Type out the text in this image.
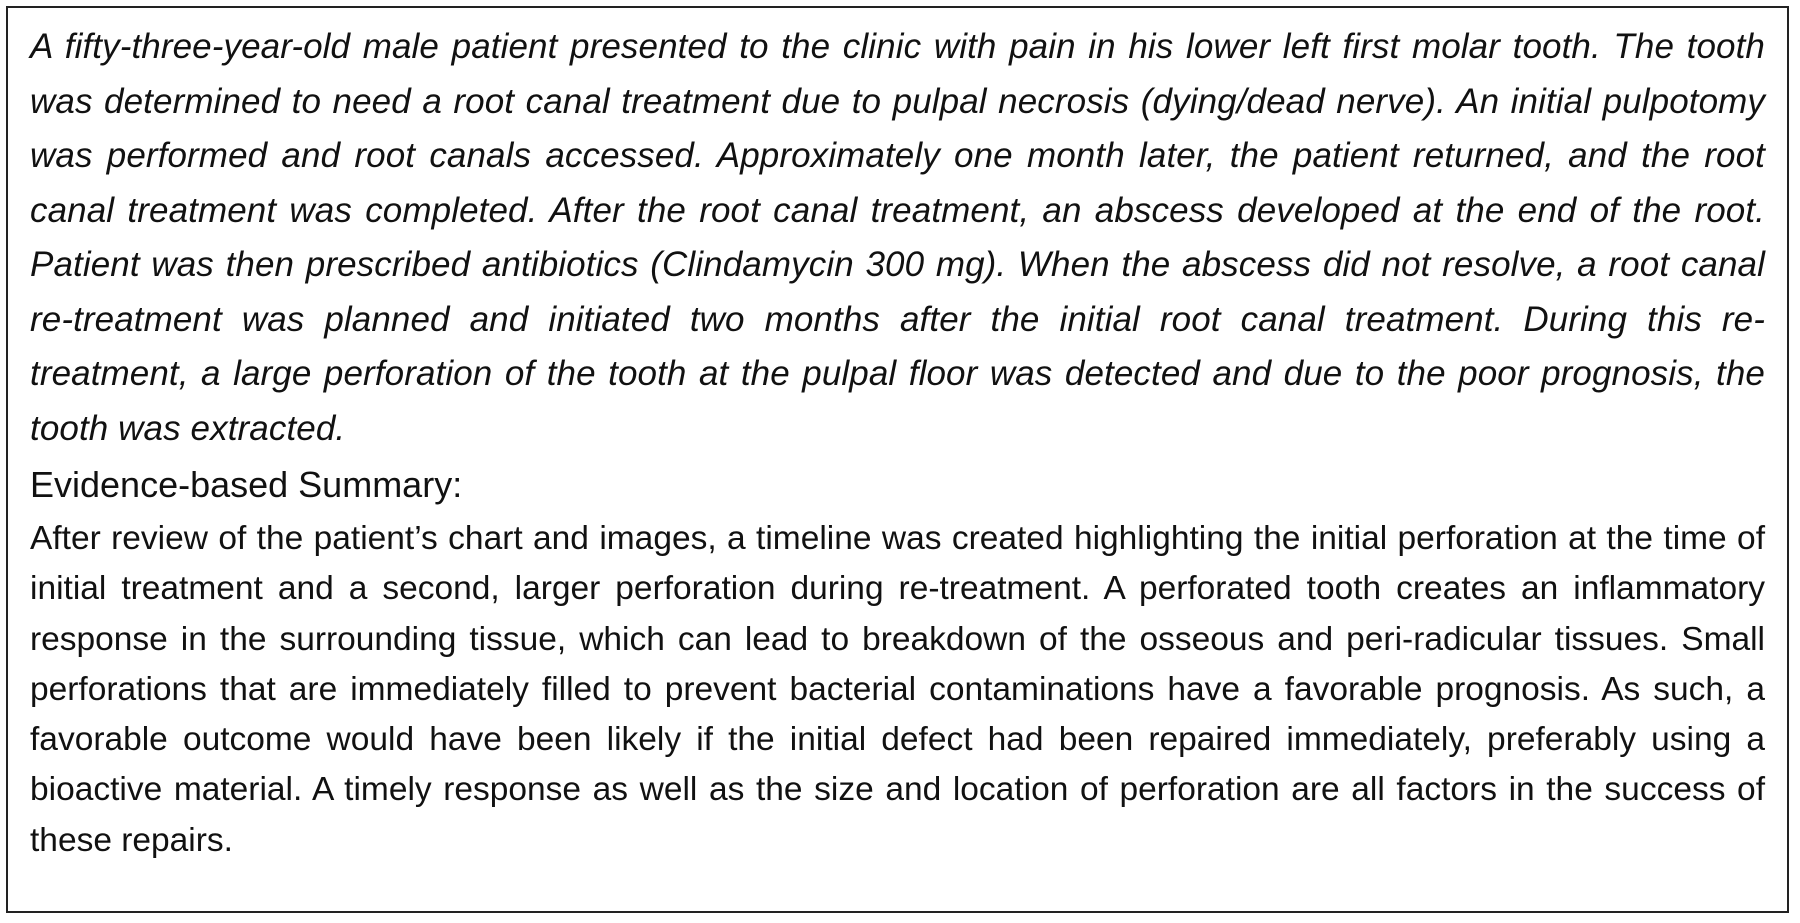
A fifty-three-year-old male patient presented to the clinic with pain in his lower left first molar tooth. The tooth was determined to need a root canal treatment due to pulpal necrosis (dying/dead nerve). An initial pulpotomy was performed and root canals accessed. Approximately one month later, the patient returned, and the root canal treatment was completed. After the root canal treatment, an abscess developed at the end of the root. Patient was then prescribed antibiotics (Clindamycin 300 mg). When the abscess did not resolve, a root canal re-treatment was planned and initiated two months after the initial root canal treatment. During this re-treatment, a large perforation of the tooth at the pulpal floor was detected and due to the poor prognosis, the tooth was extracted.

Evidence-based Summary:

After review of the patient’s chart and images, a timeline was created highlighting the initial perforation at the time of initial treatment and a second, larger perforation during re-treatment. A perforated tooth creates an inflammatory response in the surrounding tissue, which can lead to breakdown of the osseous and peri-radicular tissues. Small perforations that are immediately filled to prevent bacterial contaminations have a favorable prognosis. As such, a favorable outcome would have been likely if the initial defect had been repaired immediately, preferably using a bioactive material. A timely response as well as the size and location of perforation are all factors in the success of these repairs.
